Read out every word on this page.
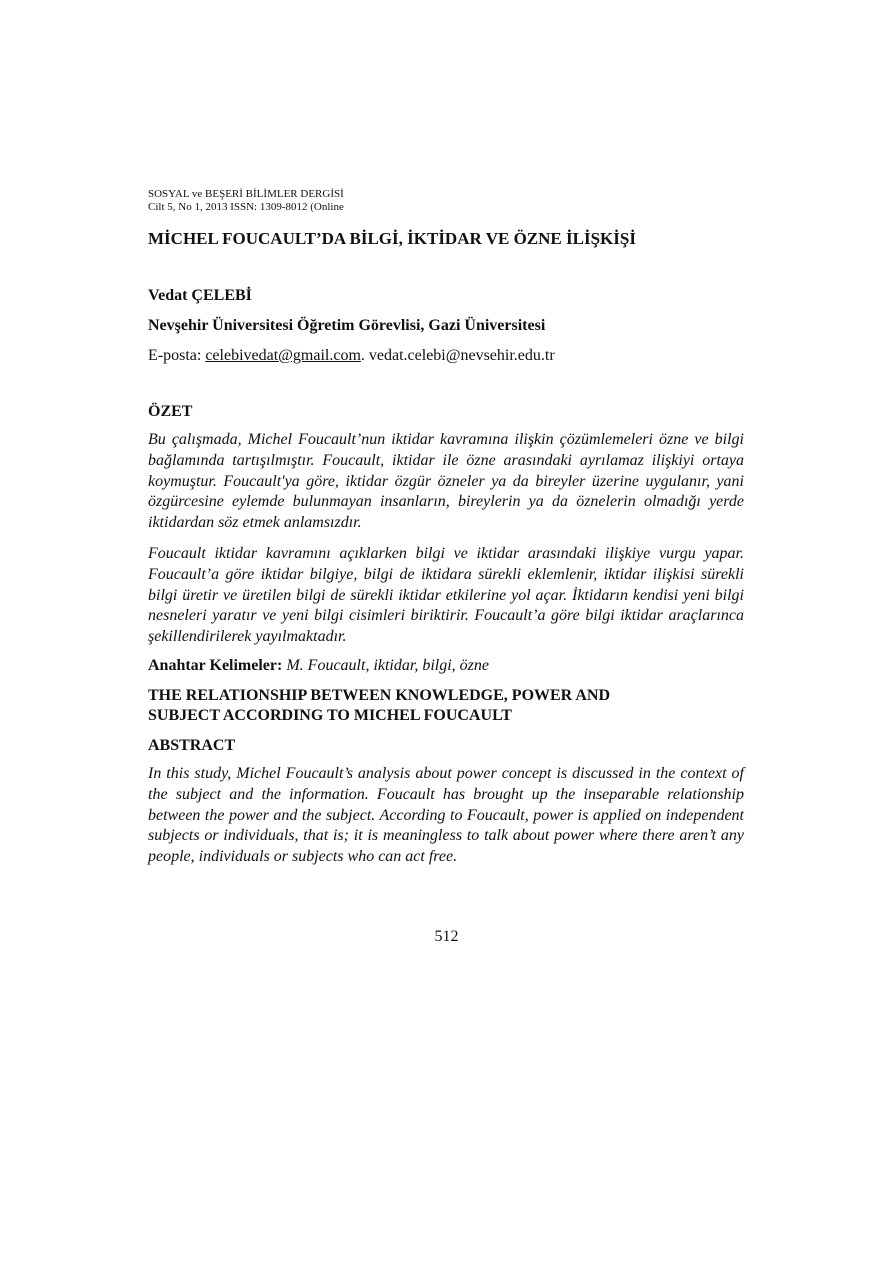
SOSYAL ve BEŞERİ BİLİMLER DERGİSİ
Cilt 5, No 1, 2013 ISSN: 1309-8012 (Online

MİCHEL FOUCAULT’DA BİLGİ, İKTİDAR VE ÖZNE İLİŞKİŞİ

Vedat ÇELEBİ

Nevşehir Üniversitesi Öğretim Görevlisi, Gazi Üniversitesi

E-posta: celebivedat@gmail.com. vedat.celebi@nevsehir.edu.tr

ÖZET

Bu çalışmada, Michel Foucault’nun iktidar kavramına ilişkin çözümlemeleri özne ve bilgi bağlamında tartışılmıştır. Foucault, iktidar ile özne arasındaki ayrılamaz ilişkiyi ortaya koymuştur. Foucault'ya göre, iktidar özgür özneler ya da bireyler üzerine uygulanır, yani özgürcesine eylemde bulunmayan insanların, bireylerin ya da öznelerin olmadığı yerde iktidardan söz etmek anlamsızdır.

Foucault iktidar kavramını açıklarken bilgi ve iktidar arasındaki ilişkiye vurgu yapar. Foucault’a göre iktidar bilgiye, bilgi de iktidara sürekli eklemlenir, iktidar ilişkisi sürekli bilgi üretir ve üretilen bilgi de sürekli iktidar etkilerine yol açar. İktidarın kendisi yeni bilgi nesneleri yaratır ve yeni bilgi cisimleri biriktirir. Foucault’a göre bilgi iktidar araçlarınca şekillendirilerek yayılmaktadır.

Anahtar Kelimeler: M. Foucault, iktidar, bilgi, özne

THE RELATIONSHIP BETWEEN KNOWLEDGE, POWER AND
SUBJECT ACCORDING TO MICHEL FOUCAULT
ABSTRACT

In this study, Michel Foucault’s analysis about power concept is discussed in the context of the subject and the information. Foucault has brought up the inseparable relationship between the power and the subject. According to Foucault, power is applied on independent subjects or individuals, that is; it is meaningless to talk about power where there aren’t any people, individuals or subjects who can act free.

512
